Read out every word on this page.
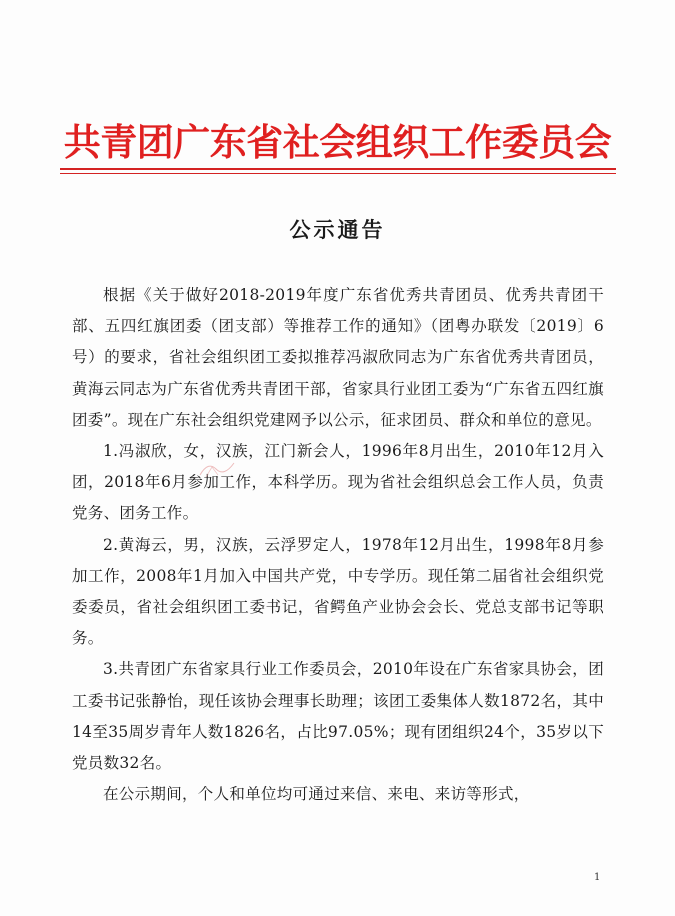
共青团广东省社会组织工作委员会
公示通告

根据《关于做好2018-2019年度广东省优秀共青团员、优秀共青团干部、五四红旗团委（团支部）等推荐工作的通知》（团粤办联发〔2019〕6号）的要求，省社会组织团工委拟推荐冯淑欣同志为广东省优秀共青团员，黄海云同志为广东省优秀共青团干部，省家具行业团工委为“广东省五四红旗团委”。现在广东社会组织党建网予以公示，征求团员、群众和单位的意见。

1.冯淑欣，女，汉族，江门新会人，1996年8月出生，2010年12月入团，2018年6月参加工作，本科学历。现为省社会组织总会工作人员，负责党务、团务工作。

2.黄海云，男，汉族，云浮罗定人，1978年12月出生，1998年8月参加工作，2008年1月加入中国共产党，中专学历。现任第二届省社会组织党委委员，省社会组织团工委书记，省鳄鱼产业协会会长、党总支部书记等职务。

3.共青团广东省家具行业工作委员会，2010年设在广东省家具协会，团工委书记张静怡，现任该协会理事长助理；该团工委集体人数1872名，其中14至35周岁青年人数1826名，占比97.05%；现有团组织24个，35岁以下党员数32名。

在公示期间，个人和单位均可通过来信、来电、来访等形式，

1
